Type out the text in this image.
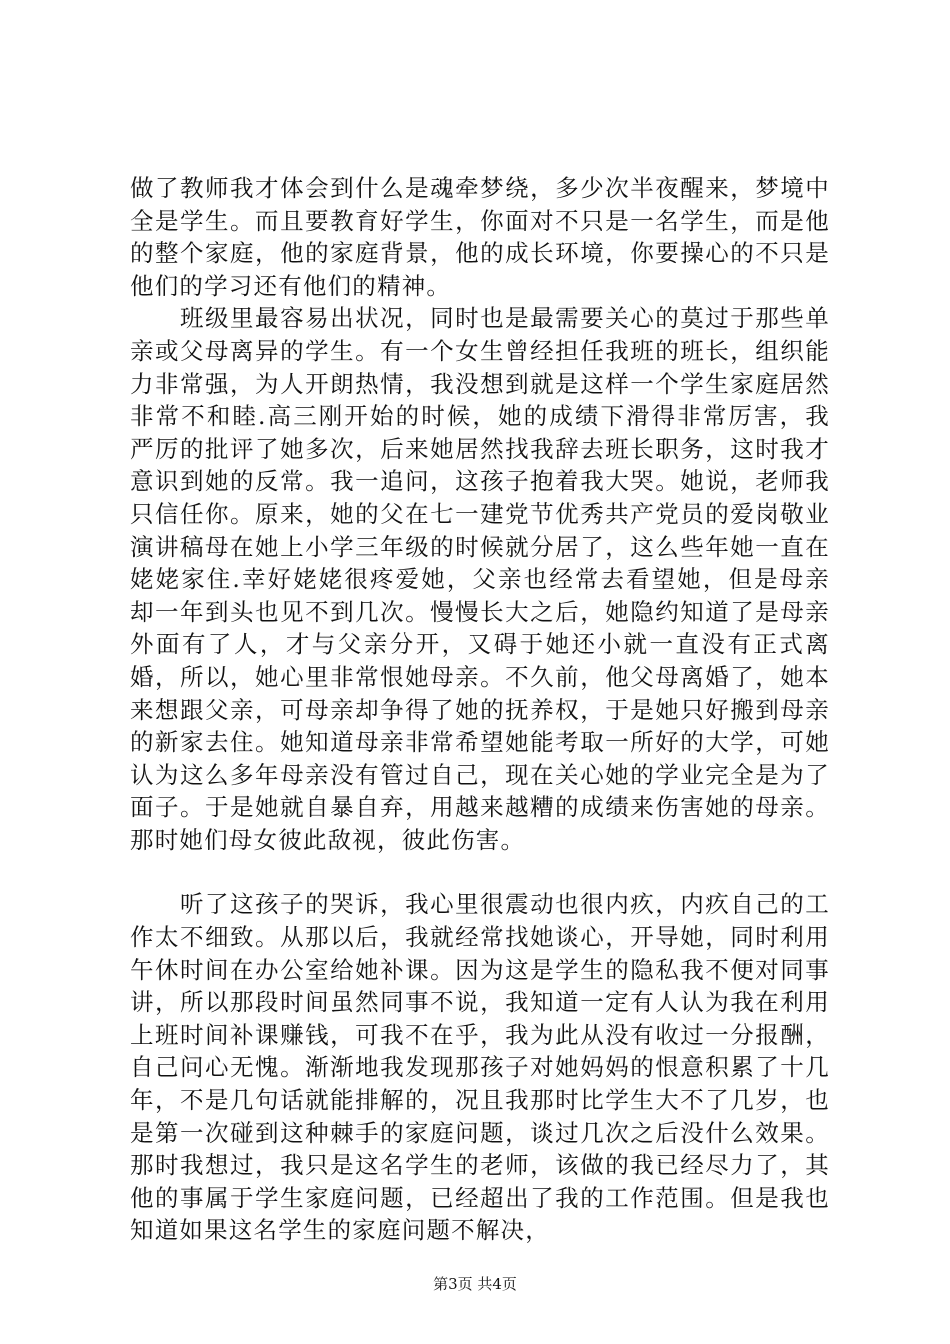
做了教师我才体会到什么是魂牵梦绕，多少次半夜醒来，梦境中全是学生。而且要教育好学生，你面对不只是一名学生，而是他的整个家庭，他的家庭背景，他的成长环境，你要操心的不只是他们的学习还有他们的精神。

　　班级里最容易出状况，同时也是最需要关心的莫过于那些单亲或父母离异的学生。有一个女生曾经担任我班的班长，组织能力非常强，为人开朗热情，我没想到就是这样一个学生家庭居然非常不和睦.高三刚开始的时候，她的成绩下滑得非常厉害，我严厉的批评了她多次，后来她居然找我辞去班长职务，这时我才意识到她的反常。我一追问，这孩子抱着我大哭。她说，老师我只信任你。原来，她的父在七一建党节优秀共产党员的爱岗敬业演讲稿母在她上小学三年级的时候就分居了，这么些年她一直在姥姥家住.幸好姥姥很疼爱她，父亲也经常去看望她，但是母亲却一年到头也见不到几次。慢慢长大之后，她隐约知道了是母亲外面有了人，才与父亲分开，又碍于她还小就一直没有正式离婚，所以，她心里非常恨她母亲。不久前，他父母离婚了，她本来想跟父亲，可母亲却争得了她的抚养权，于是她只好搬到母亲的新家去住。她知道母亲非常希望她能考取一所好的大学，可她认为这么多年母亲没有管过自己，现在关心她的学业完全是为了面子。于是她就自暴自弃，用越来越糟的成绩来伤害她的母亲。那时她们母女彼此敌视，彼此伤害。

　　听了这孩子的哭诉，我心里很震动也很内疚，内疚自己的工作太不细致。从那以后，我就经常找她谈心，开导她，同时利用午休时间在办公室给她补课。因为这是学生的隐私我不便对同事讲，所以那段时间虽然同事不说，我知道一定有人认为我在利用上班时间补课赚钱，可我不在乎，我为此从没有收过一分报酬，自己问心无愧。渐渐地我发现那孩子对她妈妈的恨意积累了十几年，不是几句话就能排解的，况且我那时比学生大不了几岁，也是第一次碰到这种棘手的家庭问题，谈过几次之后没什么效果。那时我想过，我只是这名学生的老师，该做的我已经尽力了，其他的事属于学生家庭问题，已经超出了我的工作范围。但是我也知道如果这名学生的家庭问题不解决，

第3页 共4页
